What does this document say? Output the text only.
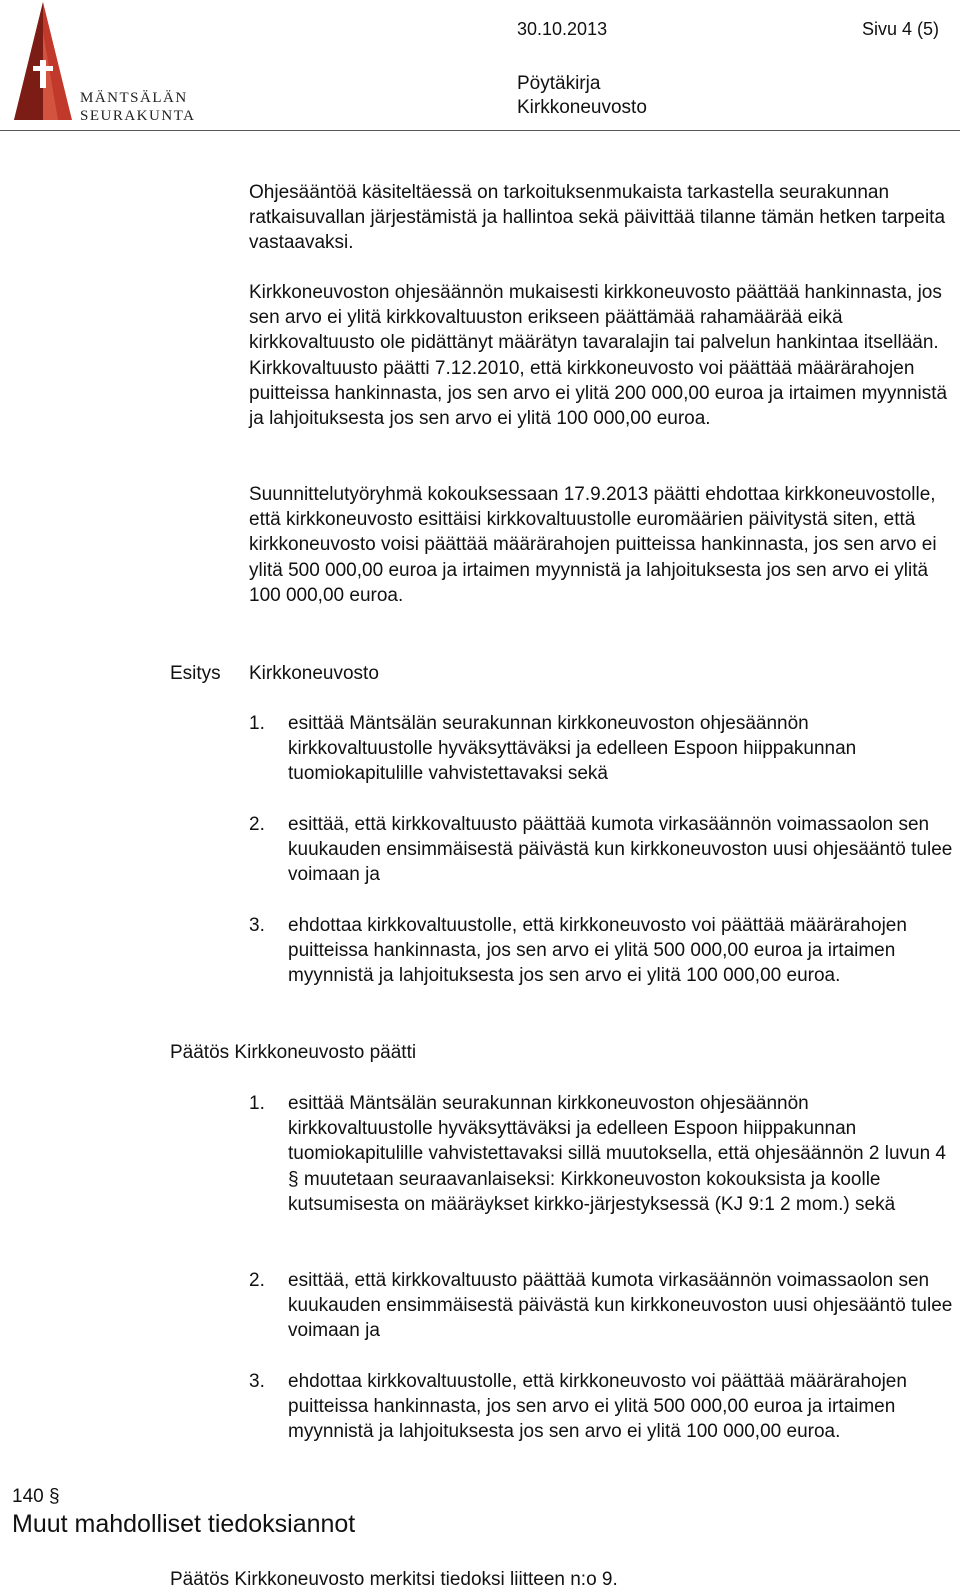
MÄNTSÄLÄN
SEURAKUNTA
30.10.2013	Sivu 4 (5)
Pöytäkirja
Kirkkoneuvosto

Ohjesääntöä käsiteltäessä on tarkoituksenmukaista tarkastella seurakunnan ratkaisuvallan järjestämistä ja hallintoa sekä päivittää tilanne tämän hetken tarpeita vastaavaksi.

Kirkkoneuvoston ohjesäännön mukaisesti kirkkoneuvosto päättää hankinnasta, jos sen arvo ei ylitä kirkkovaltuuston erikseen päättämää rahamäärää eikä kirkkovaltuusto ole pidättänyt määrätyn tavaralajin tai palvelun hankintaa itsellään. Kirkkovaltuusto päätti 7.12.2010, että kirkkoneuvosto voi päättää määrärahojen puitteissa hankinnasta, jos sen arvo ei ylitä 200 000,00 euroa ja irtaimen myynnistä ja lahjoituksesta jos sen arvo ei ylitä 100 000,00 euroa.

Suunnittelutyöryhmä kokouksessaan 17.9.2013 päätti ehdottaa kirkkoneuvostolle, että kirkkoneuvosto esittäisi kirkkovaltuustolle euromäärien päivitystä siten, että kirkkoneuvosto voisi päättää määrärahojen puitteissa hankinnasta, jos sen arvo ei ylitä 500 000,00 euroa ja irtaimen myynnistä ja lahjoituksesta jos sen arvo ei ylitä 100 000,00 euroa.

Esitys Kirkkoneuvosto
1. esittää Mäntsälän seurakunnan kirkkoneuvoston ohjesäännön kirkkovaltuustolle hyväksyttäväksi ja edelleen Espoon hiippakunnan tuomiokapitulille vahvistettavaksi sekä

2. esittää, että kirkkovaltuusto päättää kumota virkasäännön voimassaolon sen kuukauden ensimmäisestä päivästä kun kirkkoneuvoston uusi ohjesääntö tulee voimaan ja

3. ehdottaa kirkkovaltuustolle, että kirkkoneuvosto voi päättää määrärahojen puitteissa hankinnasta, jos sen arvo ei ylitä 500 000,00 euroa ja irtaimen myynnistä ja lahjoituksesta jos sen arvo ei ylitä 100 000,00 euroa.

Päätös Kirkkoneuvosto päätti
1. esittää Mäntsälän seurakunnan kirkkoneuvoston ohjesäännön kirkkovaltuustolle hyväksyttäväksi ja edelleen Espoon hiippakunnan tuomiokapitulille vahvistettavaksi sillä muutoksella, että ohjesäännön 2 luvun 4 § muutetaan seuraavanlaiseksi: Kirkkoneuvoston kokouksista ja koolle kutsumisesta on määräykset kirkko-järjestyksessä (KJ 9:1 2 mom.) sekä

2. esittää, että kirkkovaltuusto päättää kumota virkasäännön voimassaolon sen kuukauden ensimmäisestä päivästä kun kirkkoneuvoston uusi ohjesääntö tulee voimaan ja

3. ehdottaa kirkkovaltuustolle, että kirkkoneuvosto voi päättää määrärahojen puitteissa hankinnasta, jos sen arvo ei ylitä 500 000,00 euroa ja irtaimen myynnistä ja lahjoituksesta jos sen arvo ei ylitä 100 000,00 euroa.

140 §
Muut mahdolliset tiedoksiannot
Päätös Kirkkoneuvosto merkitsi tiedoksi liitteen n:o 9.
